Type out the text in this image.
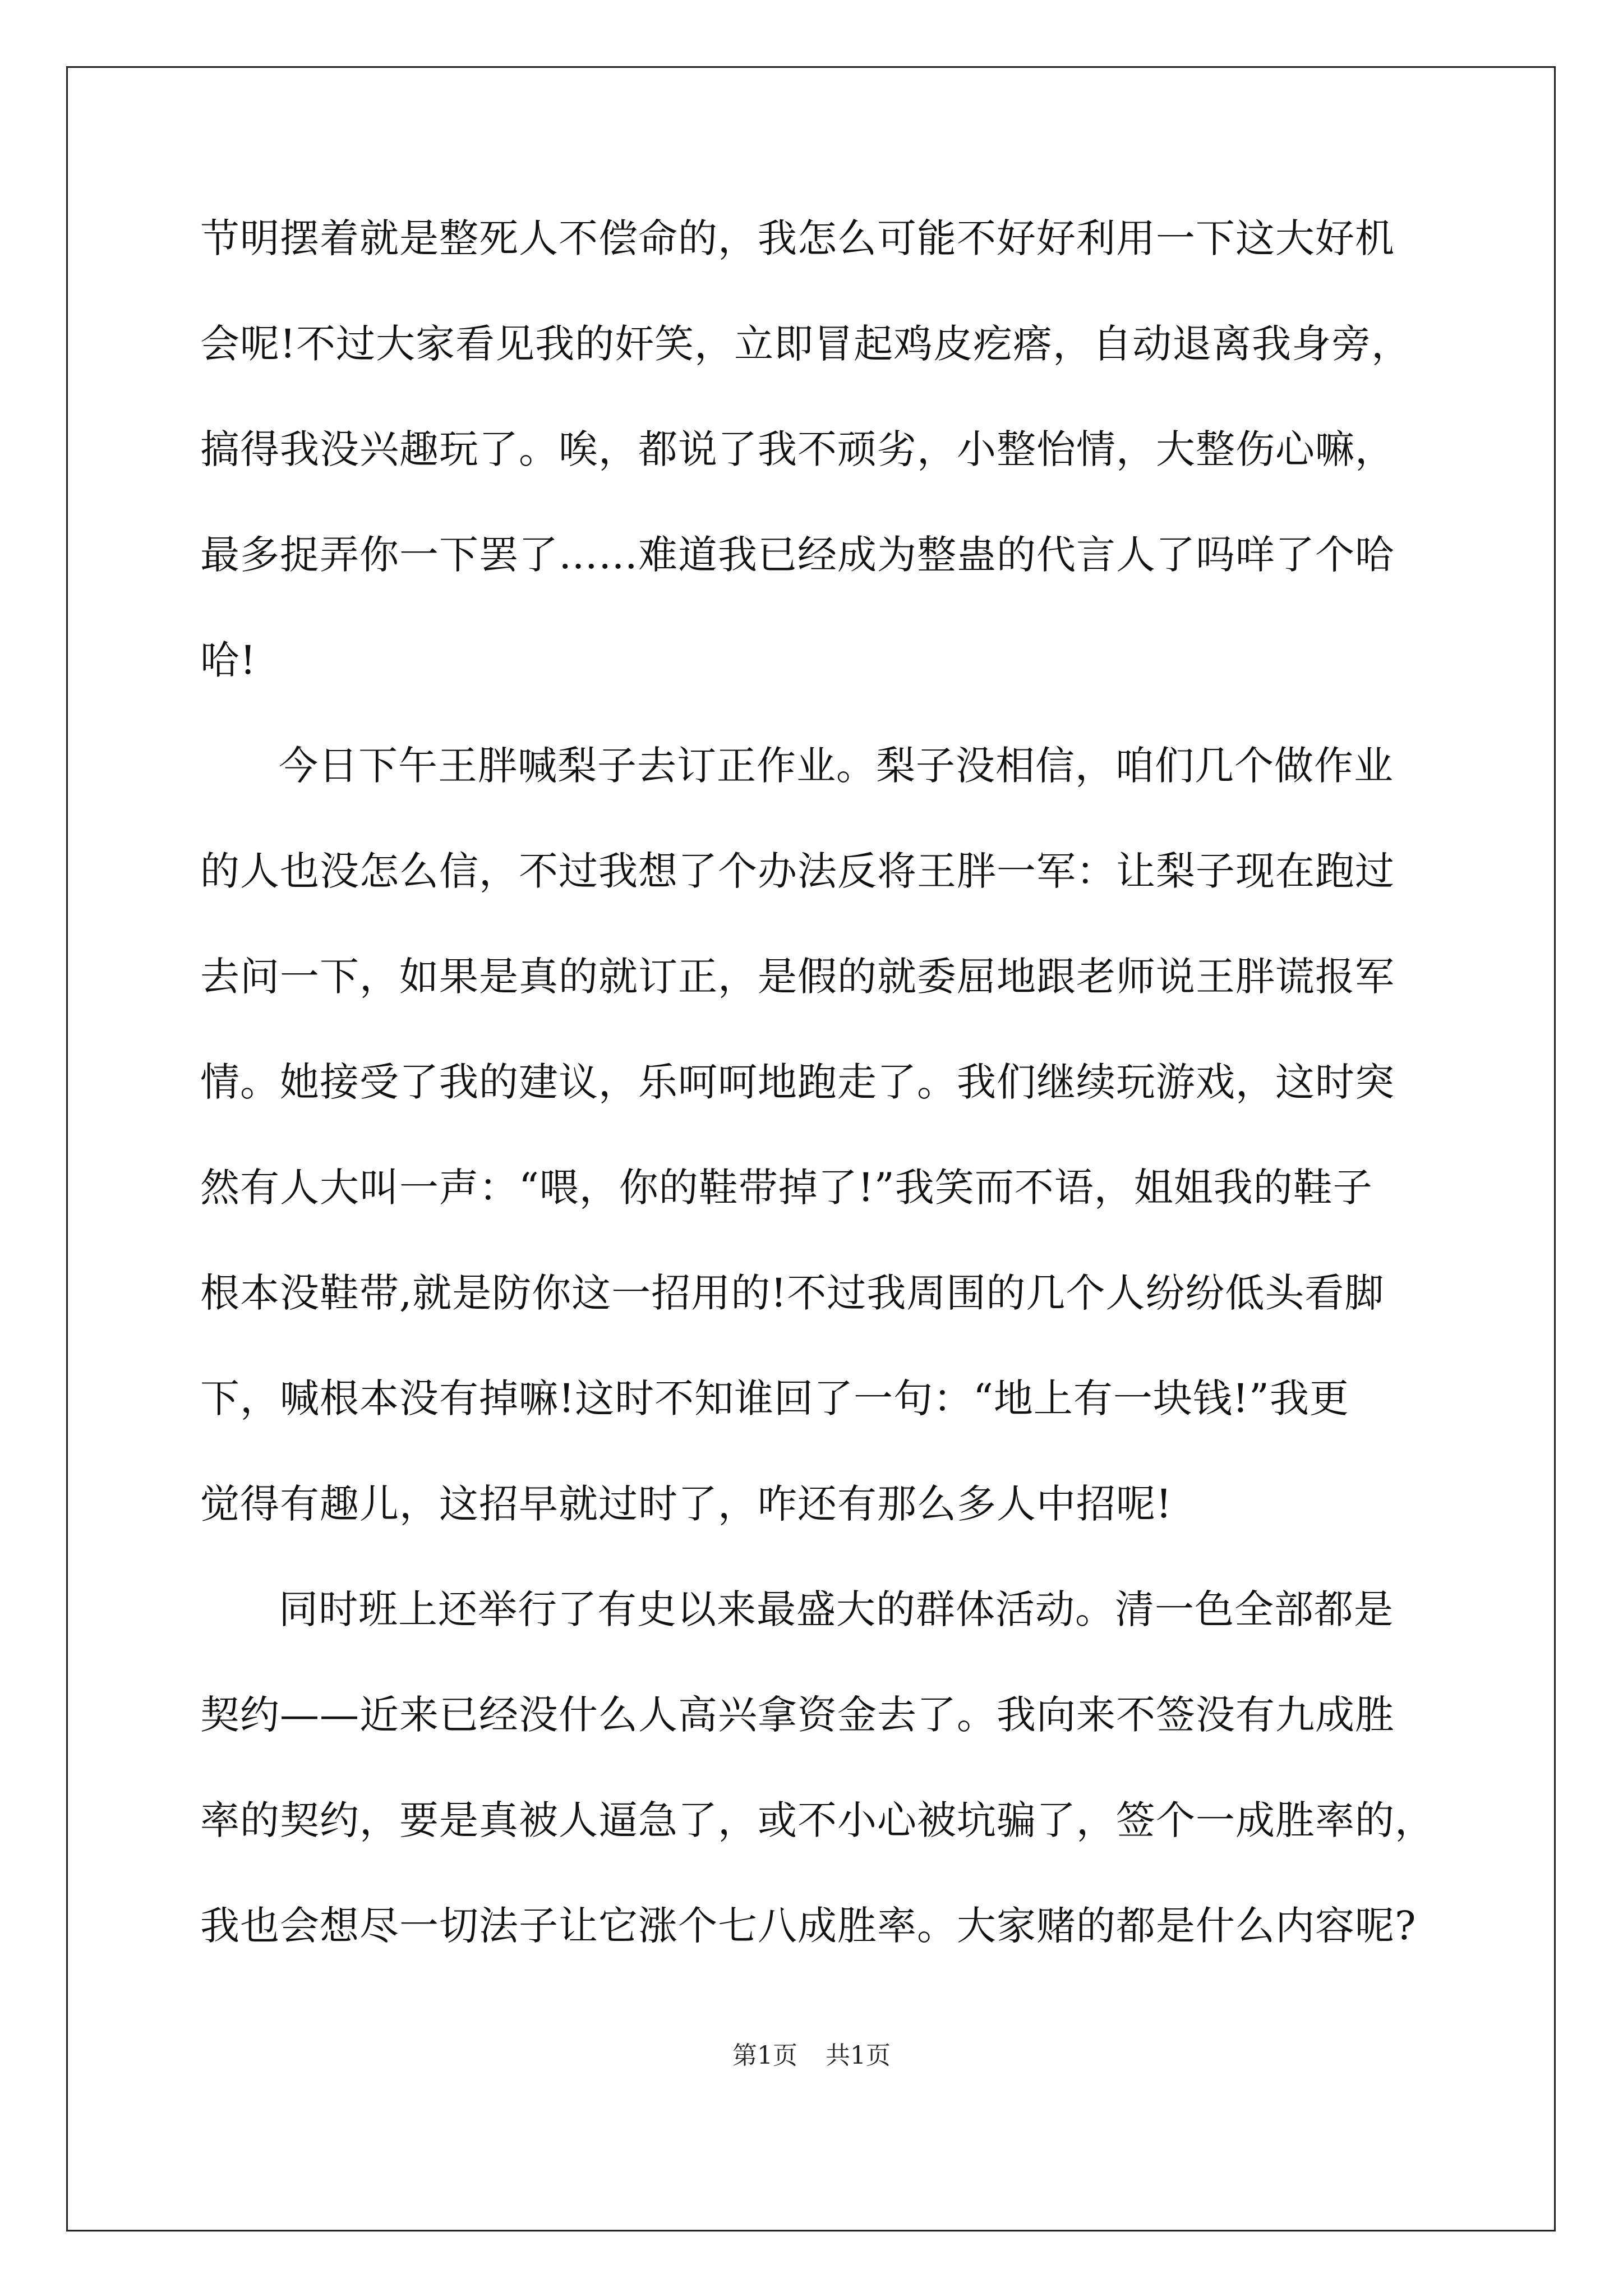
节明摆着就是整死人不偿命的，我怎么可能不好好利用一下这大好机
会呢!不过大家看见我的奸笑，立即冒起鸡皮疙瘩，自动退离我身旁，
搞得我没兴趣玩了。唉，都说了我不顽劣，小整怡情，大整伤心嘛，
最多捉弄你一下罢了……难道我已经成为整蛊的代言人了吗咩了个哈
哈!
今日下午王胖喊梨子去订正作业。梨子没相信，咱们几个做作业
的人也没怎么信，不过我想了个办法反将王胖一军：让梨子现在跑过
去问一下，如果是真的就订正，是假的就委屈地跟老师说王胖谎报军
情。她接受了我的建议，乐呵呵地跑走了。我们继续玩游戏，这时突
然有人大叫一声：“喂，你的鞋带掉了!”我笑而不语，姐姐我的鞋子
根本没鞋带,就是防你这一招用的!不过我周围的几个人纷纷低头看脚
下，喊根本没有掉嘛!这时不知谁回了一句：“地上有一块钱!”我更
觉得有趣儿，这招早就过时了，咋还有那么多人中招呢!
同时班上还举行了有史以来最盛大的群体活动。清一色全部都是
契约——近来已经没什么人高兴拿资金去了。我向来不签没有九成胜
率的契约，要是真被人逼急了，或不小心被坑骗了，签个一成胜率的，
我也会想尽一切法子让它涨个七八成胜率。大家赌的都是什么内容呢?
第1页 共1页
